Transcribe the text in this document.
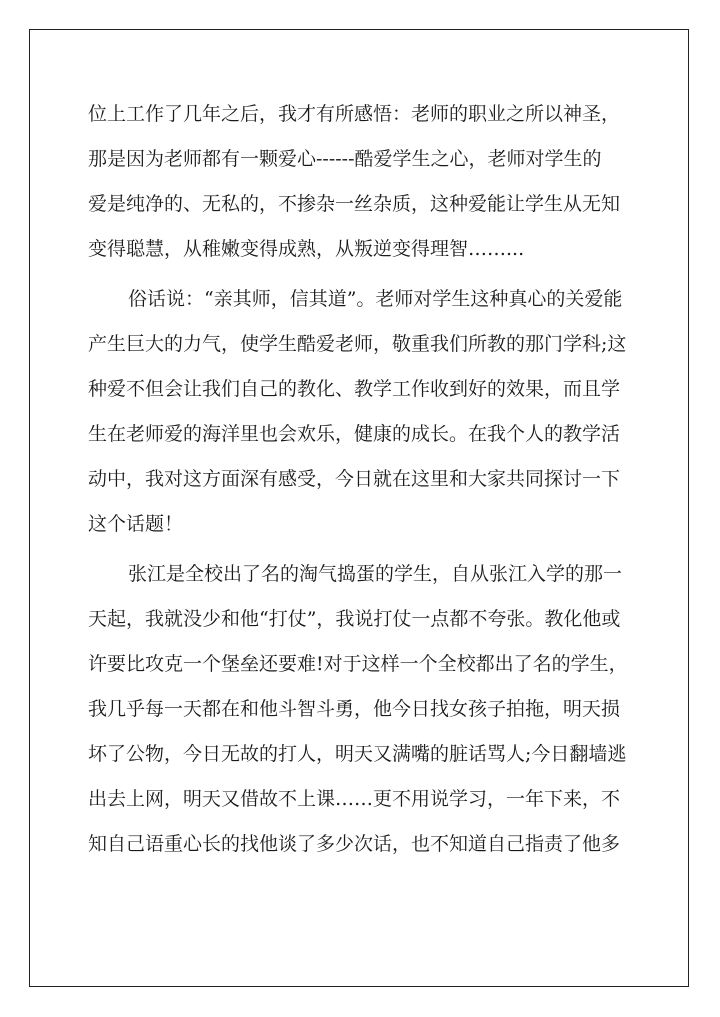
位上工作了几年之后，我才有所感悟：老师的职业之所以神圣，
那是因为老师都有一颗爱心------酷爱学生之心，老师对学生的
爱是纯净的、无私的，不掺杂一丝杂质，这种爱能让学生从无知
变得聪慧，从稚嫩变得成熟，从叛逆变得理智……...
俗话说：“亲其师，信其道”。老师对学生这种真心的关爱能
产生巨大的力气，使学生酷爱老师，敬重我们所教的那门学科;这
种爱不但会让我们自己的教化、教学工作收到好的效果，而且学
生在老师爱的海洋里也会欢乐，健康的成长。在我个人的教学活
动中，我对这方面深有感受，今日就在这里和大家共同探讨一下
这个话题！
张江是全校出了名的淘气捣蛋的学生，自从张江入学的那一
天起，我就没少和他“打仗”，我说打仗一点都不夸张。教化他或
许要比攻克一个堡垒还要难!对于这样一个全校都出了名的学生，
我几乎每一天都在和他斗智斗勇，他今日找女孩子拍拖，明天损
坏了公物，今日无故的打人，明天又满嘴的脏话骂人;今日翻墙逃
出去上网，明天又借故不上课……更不用说学习，一年下来，不
知自己语重心长的找他谈了多少次话，也不知道自己指责了他多
